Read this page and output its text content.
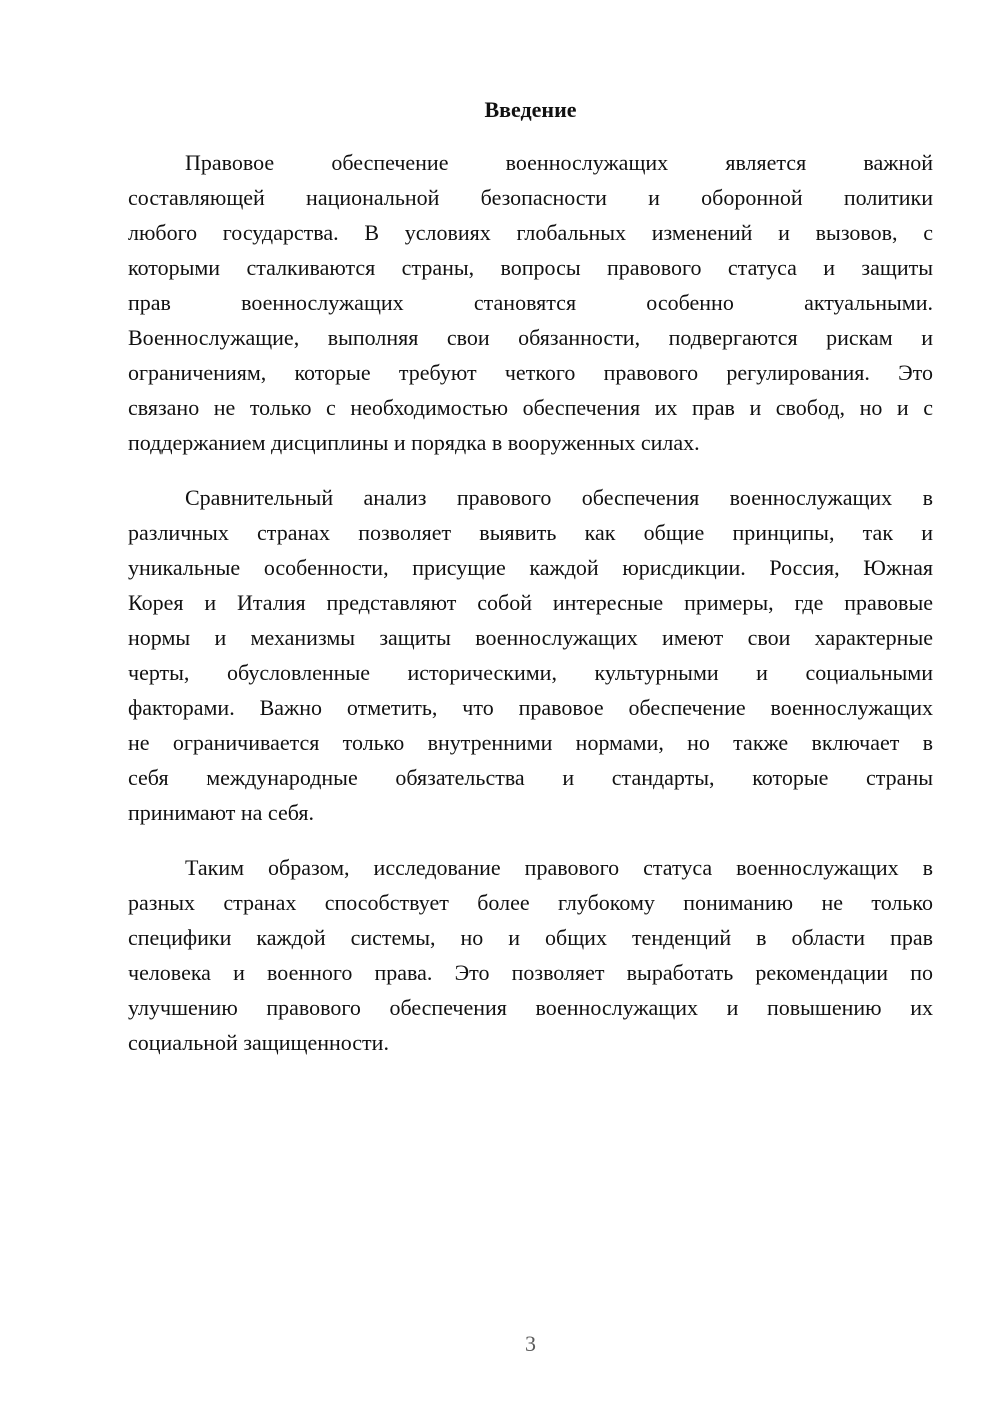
Введение
Правовое обеспечение военнослужащих является важной
составляющей национальной безопасности и оборонной политики
любого государства. В условиях глобальных изменений и вызовов, с
которыми сталкиваются страны, вопросы правового статуса и защиты
прав военнослужащих становятся особенно актуальными.
Военнослужащие, выполняя свои обязанности, подвергаются рискам и
ограничениям, которые требуют четкого правового регулирования. Это
связано не только с необходимостью обеспечения их прав и свобод, но и с
поддержанием дисциплины и порядка в вооруженных силах.
Сравнительный анализ правового обеспечения военнослужащих в
различных странах позволяет выявить как общие принципы, так и
уникальные особенности, присущие каждой юрисдикции. Россия, Южная
Корея и Италия представляют собой интересные примеры, где правовые
нормы и механизмы защиты военнослужащих имеют свои характерные
черты, обусловленные историческими, культурными и социальными
факторами. Важно отметить, что правовое обеспечение военнослужащих
не ограничивается только внутренними нормами, но также включает в
себя международные обязательства и стандарты, которые страны
принимают на себя.
Таким образом, исследование правового статуса военнослужащих в
разных странах способствует более глубокому пониманию не только
специфики каждой системы, но и общих тенденций в области прав
человека и военного права. Это позволяет выработать рекомендации по
улучшению правового обеспечения военнослужащих и повышению их
социальной защищенности.
3
